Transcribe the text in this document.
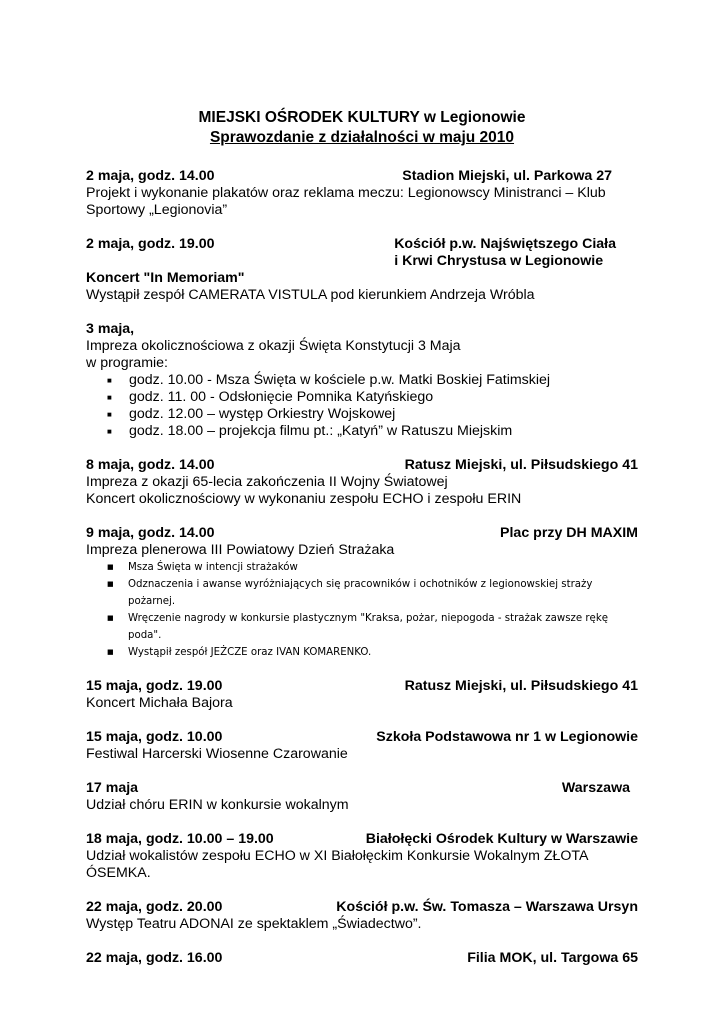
MIEJSKI OŚRODEK KULTURY w Legionowie
Sprawozdanie z działalności w maju 2010
2 maja, godz. 14.00	Stadion Miejski, ul. Parkowa 27
Projekt i wykonanie plakatów oraz reklama meczu: Legionowscy Ministranci – Klub Sportowy „Legionovia”
2 maja, godz. 19.00	Kościół p.w. Najświętszego Ciała
i Krwi Chrystusa w Legionowie
Koncert "In Memoriam"
Wystąpił zespół CAMERATA VISTULA pod kierunkiem Andrzeja Wróbla
3 maja,
Impreza okolicznościowa z okazji Święta Konstytucji 3 Maja
w programie:
■ godz. 10.00 - Msza Święta w kościele p.w. Matki Boskiej Fatimskiej
■ godz. 11. 00 - Odsłonięcie Pomnika Katyńskiego
■ godz. 12.00 – występ Orkiestry Wojskowej
■ godz. 18.00 – projekcja filmu pt.: „Katyń” w Ratuszu Miejskim
8 maja, godz. 14.00	Ratusz Miejski, ul. Piłsudskiego 41
Impreza z okazji 65-lecia zakończenia II Wojny Światowej
Koncert okolicznościowy w wykonaniu zespołu ECHO i zespołu ERIN
9 maja, godz. 14.00	Plac przy DH MAXIM
Impreza plenerowa III Powiatowy Dzień Strażaka
■ Msza Święta w intencji strażaków
■ Odznaczenia i awanse wyróżniających się pracowników i ochotników z legionowskiej straży pożarnej.
■ Wręczenie nagrody w konkursie plastycznym "Kraksa, pożar, niepogoda - strażak zawsze rękę poda".
■ Wystąpił zespół JEŻCZE oraz IVAN KOMARENKO.
15 maja, godz. 19.00	Ratusz Miejski, ul. Piłsudskiego 41
Koncert Michała Bajora
15 maja, godz. 10.00	Szkoła Podstawowa nr 1 w Legionowie
Festiwal Harcerski Wiosenne Czarowanie
17 maja	Warszawa
Udział chóru ERIN w konkursie wokalnym
18 maja, godz. 10.00 – 19.00	Białołęcki Ośrodek Kultury w Warszawie
Udział wokalistów zespołu ECHO w XI Białołęckim Konkursie Wokalnym ZŁOTA ÓSEMKA.
22 maja, godz. 20.00	Kościół p.w. Św. Tomasza – Warszawa Ursyn
Występ Teatru ADONAI ze spektaklem „Świadectwo”.
22 maja, godz. 16.00	Filia MOK, ul. Targowa 65
